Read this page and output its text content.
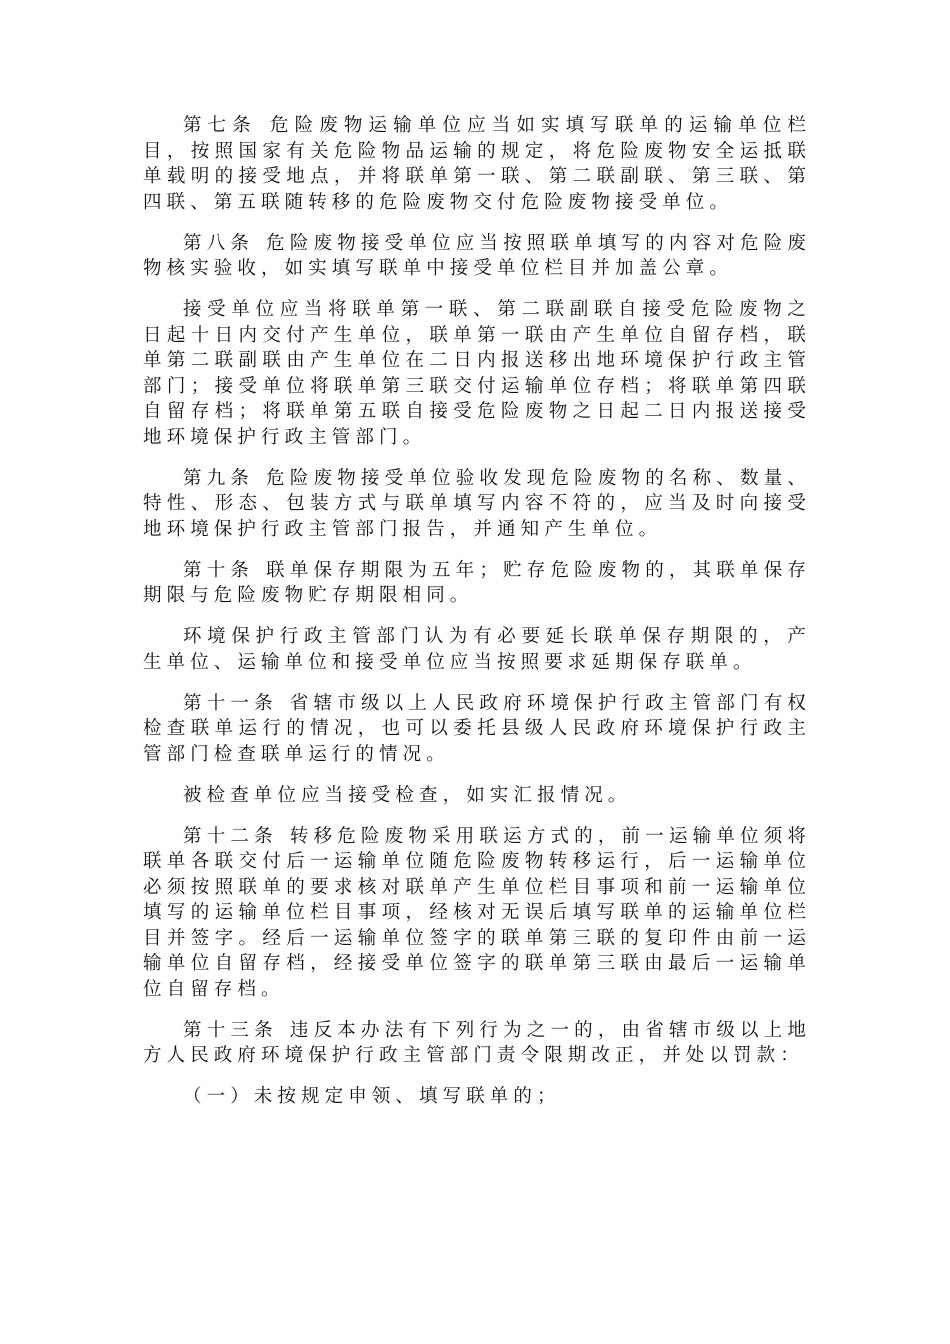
第七条 危险废物运输单位应当如实填写联单的运输单位栏目，按照国家有关危险物品运输的规定，将危险废物安全运抵联单载明的接受地点，并将联单第一联、第二联副联、第三联、第四联、第五联随转移的危险废物交付危险废物接受单位。

第八条 危险废物接受单位应当按照联单填写的内容对危险废物核实验收，如实填写联单中接受单位栏目并加盖公章。

接受单位应当将联单第一联、第二联副联自接受危险废物之日起十日内交付产生单位，联单第一联由产生单位自留存档，联单第二联副联由产生单位在二日内报送移出地环境保护行政主管部门；接受单位将联单第三联交付运输单位存档；将联单第四联自留存档；将联单第五联自接受危险废物之日起二日内报送接受地环境保护行政主管部门。

第九条 危险废物接受单位验收发现危险废物的名称、数量、特性、形态、包装方式与联单填写内容不符的，应当及时向接受地环境保护行政主管部门报告，并通知产生单位。

第十条 联单保存期限为五年；贮存危险废物的，其联单保存期限与危险废物贮存期限相同。

环境保护行政主管部门认为有必要延长联单保存期限的，产生单位、运输单位和接受单位应当按照要求延期保存联单。

第十一条 省辖市级以上人民政府环境保护行政主管部门有权检查联单运行的情况，也可以委托县级人民政府环境保护行政主管部门检查联单运行的情况。

被检查单位应当接受检查，如实汇报情况。

第十二条 转移危险废物采用联运方式的，前一运输单位须将联单各联交付后一运输单位随危险废物转移运行，后一运输单位必须按照联单的要求核对联单产生单位栏目事项和前一运输单位填写的运输单位栏目事项，经核对无误后填写联单的运输单位栏目并签字。经后一运输单位签字的联单第三联的复印件由前一运输单位自留存档，经接受单位签字的联单第三联由最后一运输单位自留存档。

第十三条 违反本办法有下列行为之一的，由省辖市级以上地方人民政府环境保护行政主管部门责令限期改正，并处以罚款：

（一）未按规定申领、填写联单的；
